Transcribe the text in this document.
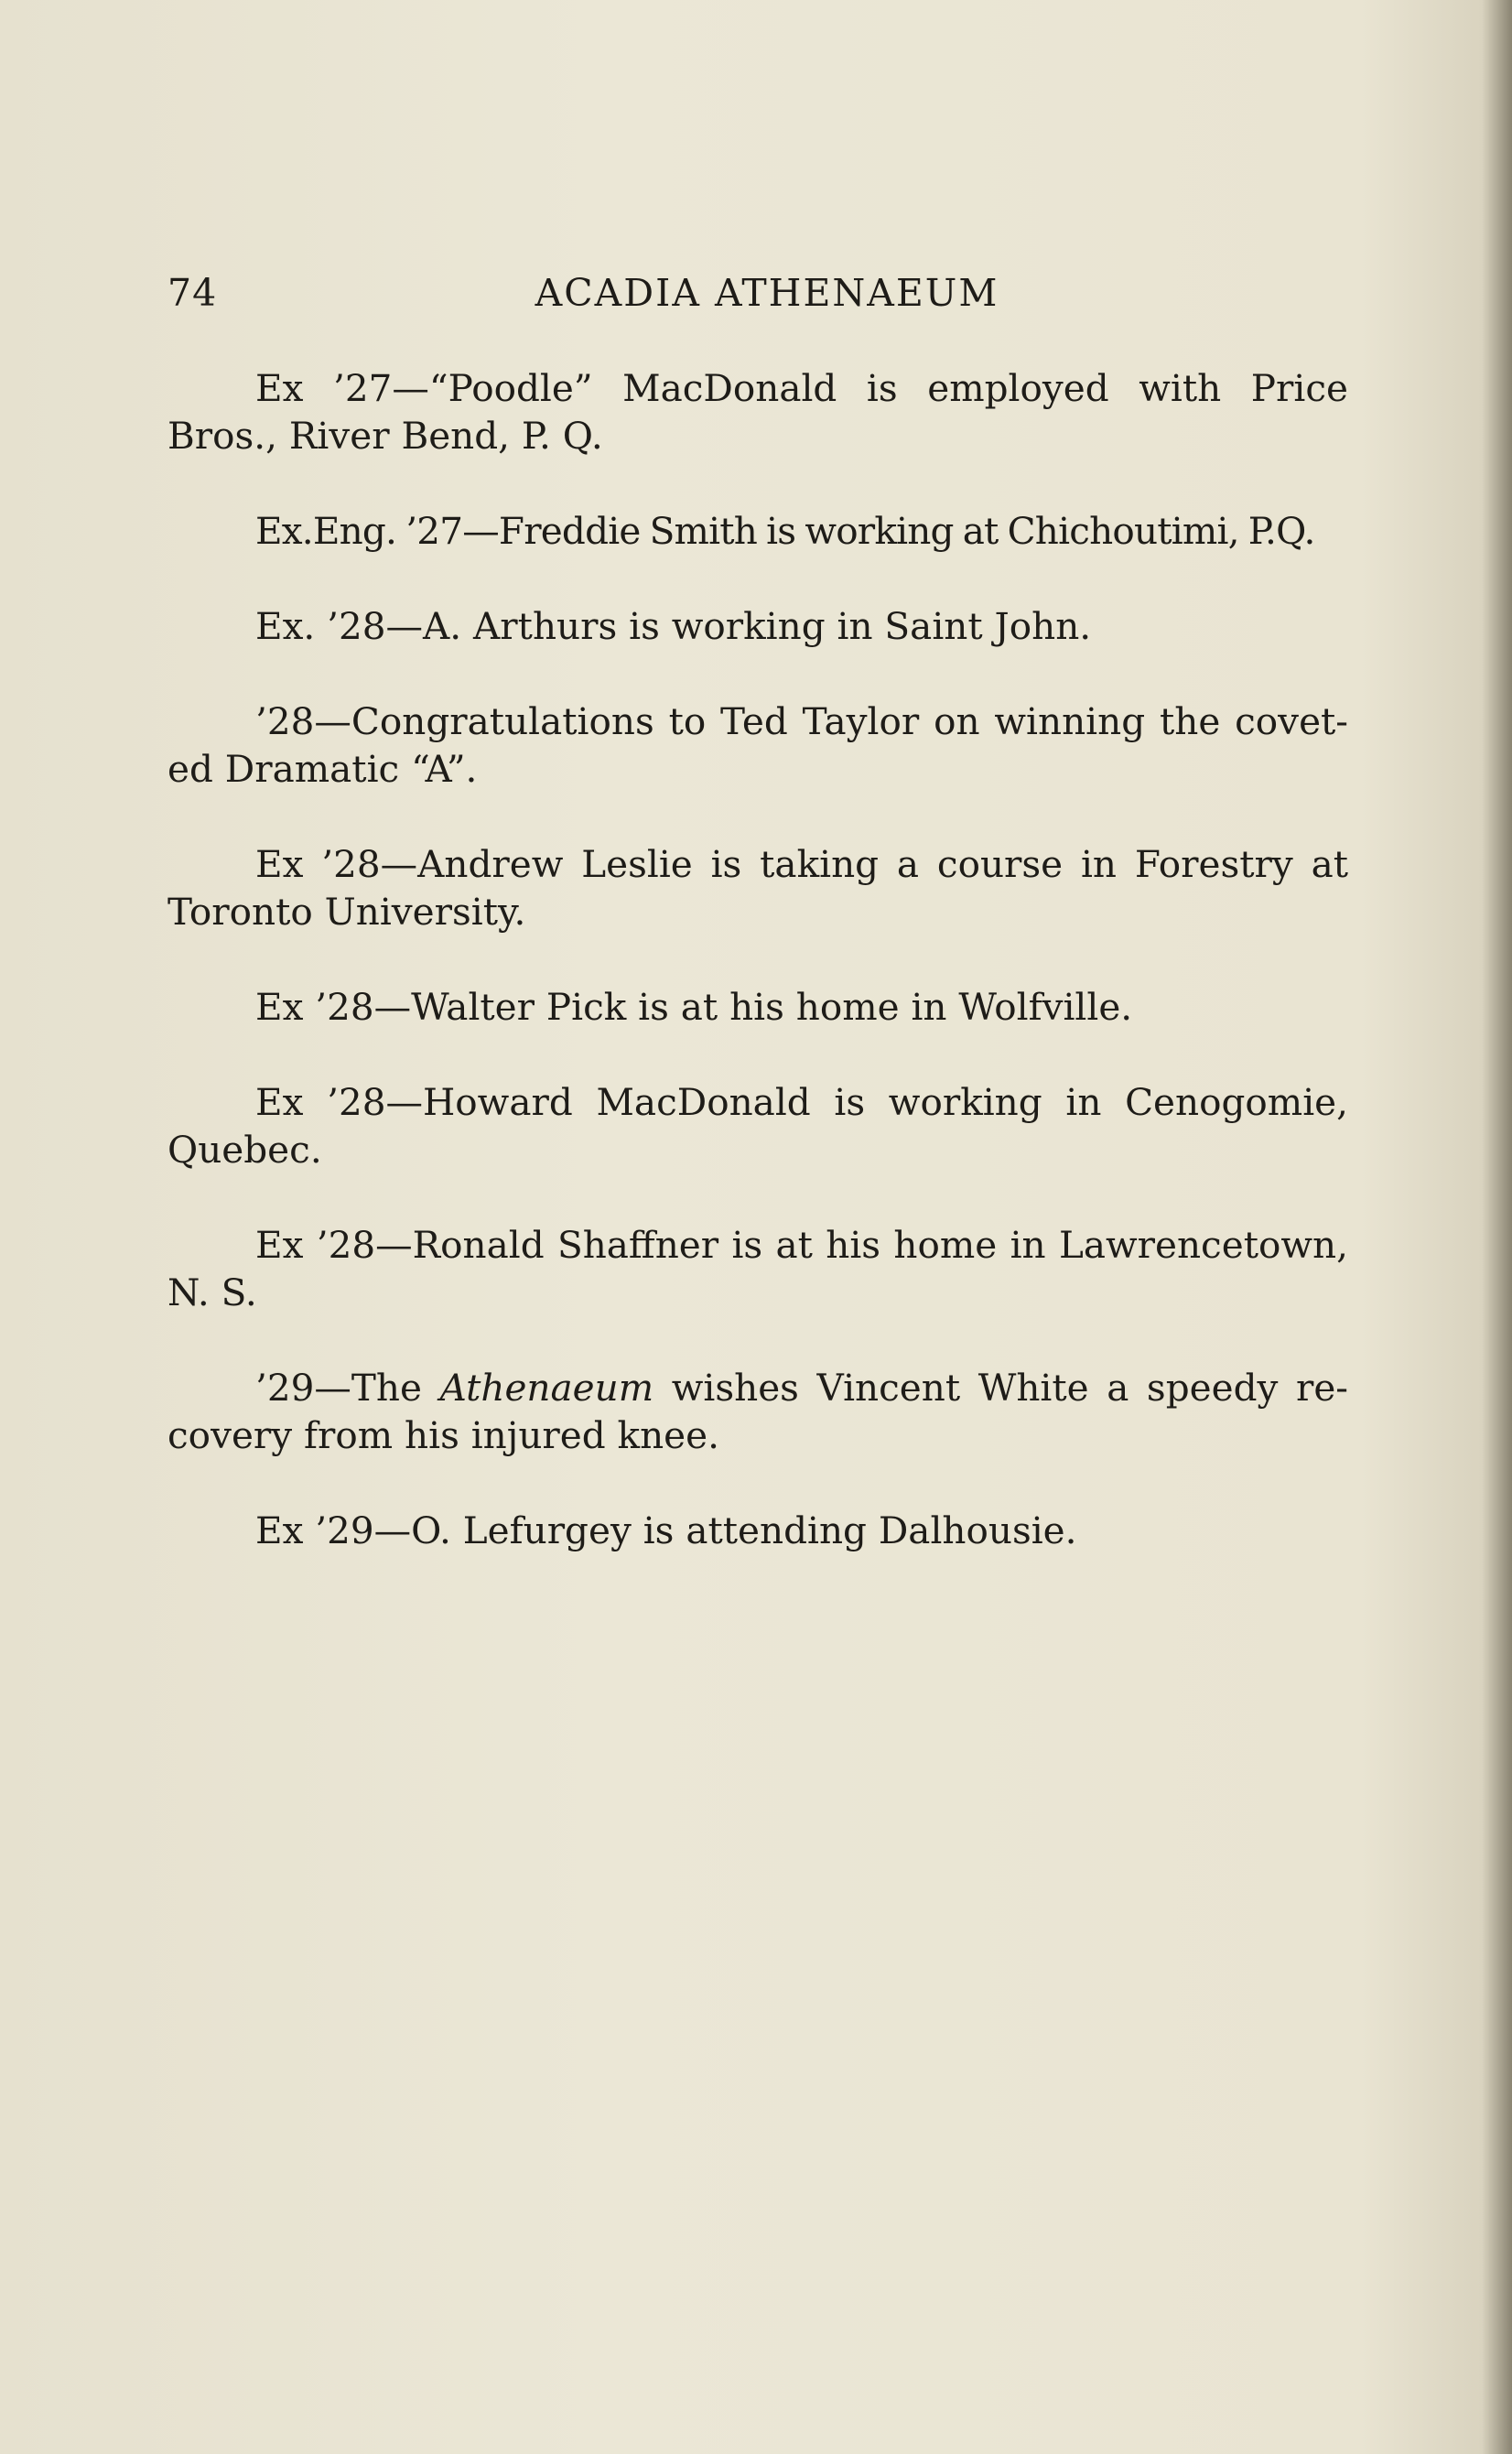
74	ACADIA ATHENAEUM

Ex ’27—“Poodle” MacDonald is employed with Price Bros., River Bend, P. Q.

Ex.Eng. ’27—Freddie Smith is working at Chichoutimi, P.Q.

Ex. ’28—A. Arthurs is working in Saint John.

’28—Congratulations to Ted Taylor on winning the covet-ed Dramatic “A”.

Ex ’28—Andrew Leslie is taking a course in Forestry at Toronto University.

Ex ’28—Walter Pick is at his home in Wolfville.

Ex ’28—Howard MacDonald is working in Cenogomie, Quebec.

Ex ’28—Ronald Shaffner is at his home in Lawrencetown, N. S.

’29—The Athenaeum wishes Vincent White a speedy re-covery from his injured knee.

Ex ’29—O. Lefurgey is attending Dalhousie.
